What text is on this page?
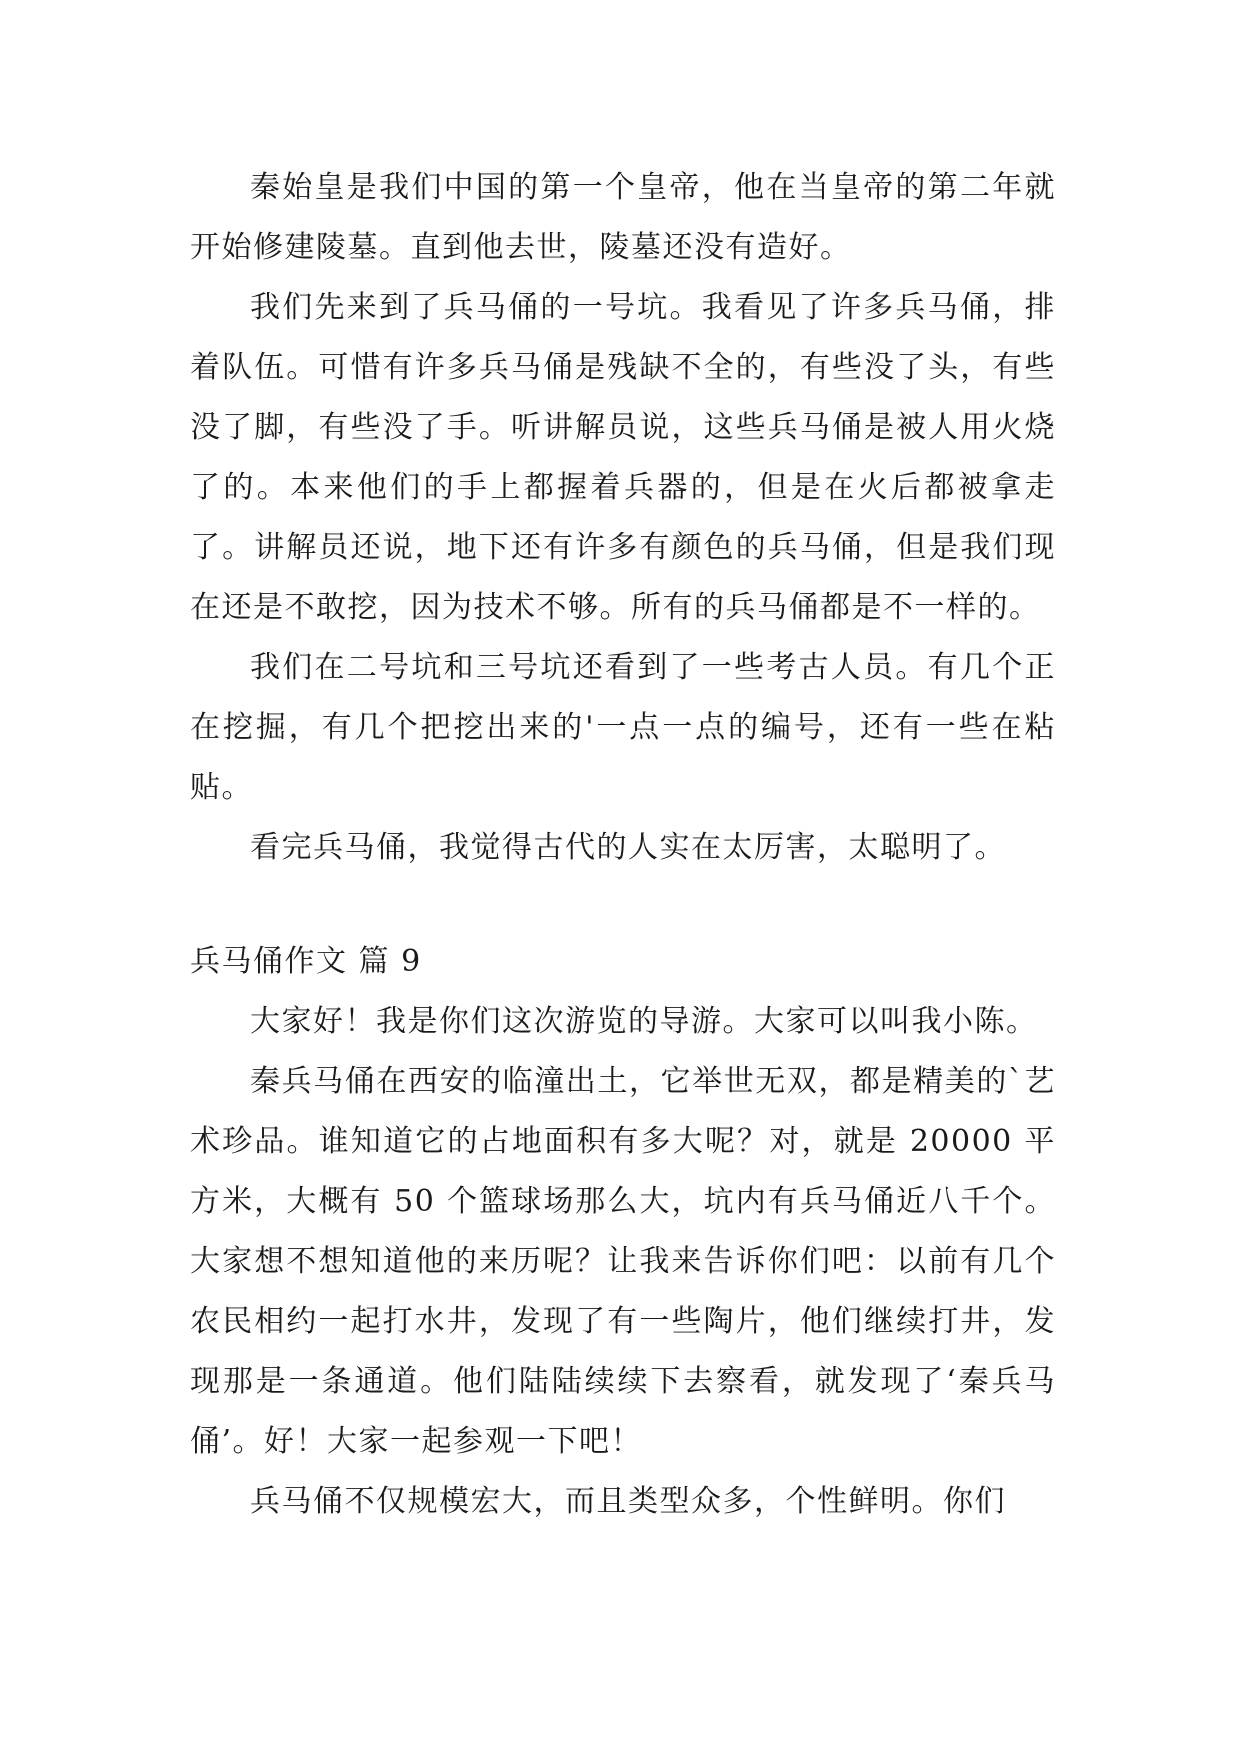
秦始皇是我们中国的第一个皇帝，他在当皇帝的第二年就开始修建陵墓。直到他去世，陵墓还没有造好。

我们先来到了兵马俑的一号坑。我看见了许多兵马俑，排着队伍。可惜有许多兵马俑是残缺不全的，有些没了头，有些没了脚，有些没了手。听讲解员说，这些兵马俑是被人用火烧了的。本来他们的手上都握着兵器的，但是在火后都被拿走了。讲解员还说，地下还有许多有颜色的兵马俑，但是我们现在还是不敢挖，因为技术不够。所有的兵马俑都是不一样的。

我们在二号坑和三号坑还看到了一些考古人员。有几个正在挖掘，有几个把挖出来的'一点一点的编号，还有一些在粘贴。

看完兵马俑，我觉得古代的人实在太厉害，太聪明了。

兵马俑作文 篇 9

大家好！我是你们这次游览的导游。大家可以叫我小陈。

秦兵马俑在西安的临潼出土，它举世无双，都是精美的`艺术珍品。谁知道它的占地面积有多大呢？对，就是 20000 平方米，大概有 50 个篮球场那么大，坑内有兵马俑近八千个。大家想不想知道他的来历呢？让我来告诉你们吧：以前有几个农民相约一起打水井，发现了有一些陶片，他们继续打井，发现那是一条通道。他们陆陆续续下去察看，就发现了‘秦兵马俑’。好！大家一起参观一下吧！

兵马俑不仅规模宏大，而且类型众多，个性鲜明。你们
